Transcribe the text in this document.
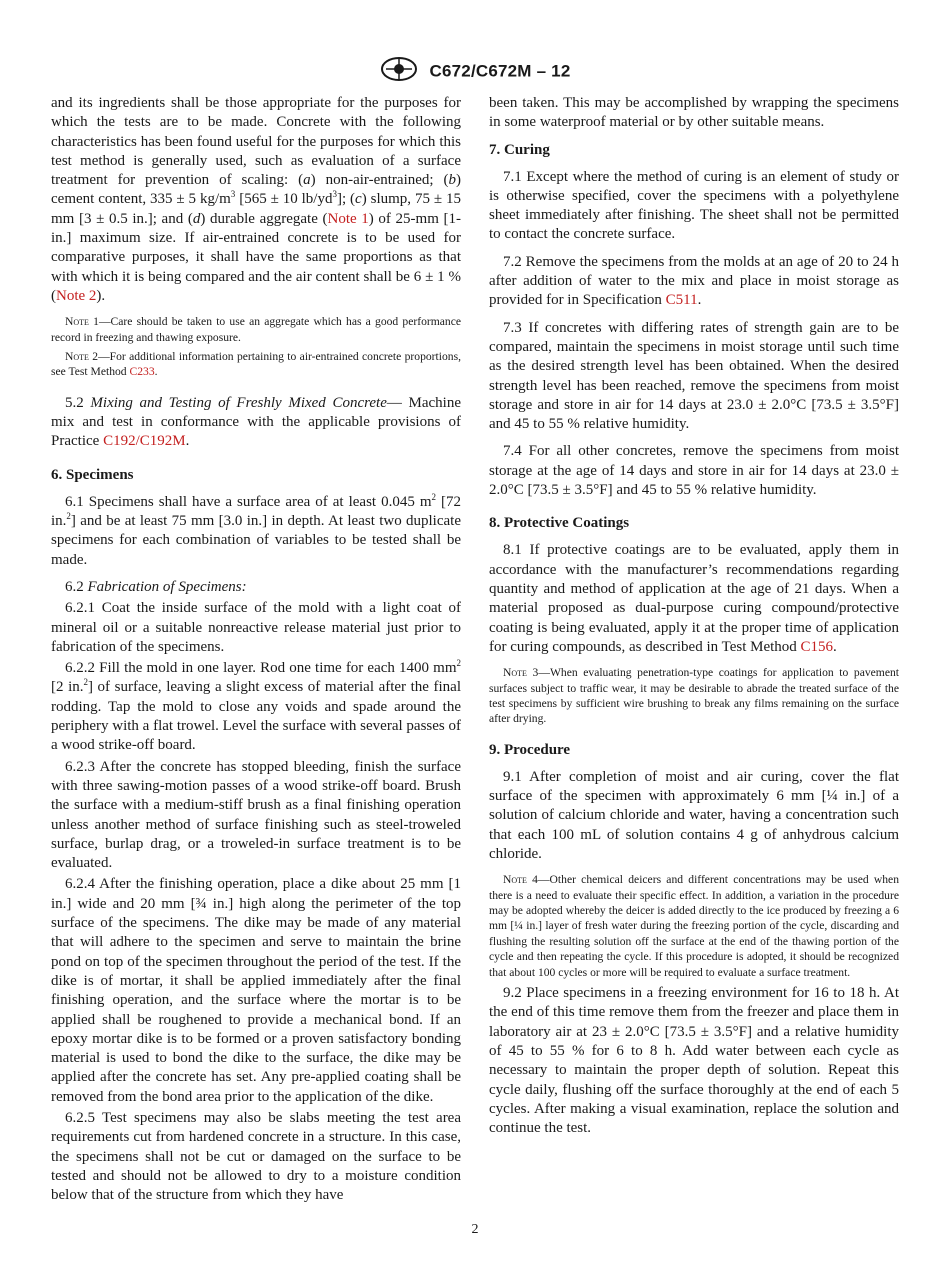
C672/C672M – 12

and its ingredients shall be those appropriate for the purposes for which the tests are to be made. Concrete with the following characteristics has been found useful for the purposes for which this test method is generally used, such as evaluation of a surface treatment for prevention of scaling: (a) non-air-entrained; (b) cement content, 335 ± 5 $kg/m^3$ [565 ± 10 $lb/yd^3$]; (c) slump, 75 ± 15 mm [3 ± 0.5 in.]; and (d) durable aggregate (Note 1) of 25-mm [1-in.] maximum size. If air-entrained concrete is to be used for comparative purposes, it shall have the same proportions as that with which it is being compared and the air content shall be 6 ± 1 % (Note 2).

Note 1—Care should be taken to use an aggregate which has a good performance record in freezing and thawing exposure.

Note 2—For additional information pertaining to air-entrained concrete proportions, see Test Method C233.

5.2 Mixing and Testing of Freshly Mixed Concrete— Machine mix and test in conformance with the applicable provisions of Practice C192/C192M.

6. Specimens

6.1 Specimens shall have a surface area of at least 0.045 $m^2$ [72 in.$^2$] and be at least 75 mm [3.0 in.] in depth. At least two duplicate specimens for each combination of variables to be tested shall be made.

6.2 Fabrication of Specimens:

6.2.1 Coat the inside surface of the mold with a light coat of mineral oil or a suitable nonreactive release material just prior to fabrication of the specimens.

6.2.2 Fill the mold in one layer. Rod one time for each 1400 $mm^2$ [2 in.$^2$] of surface, leaving a slight excess of material after the final rodding. Tap the mold to close any voids and spade around the periphery with a flat trowel. Level the surface with several passes of a wood strike-off board.

6.2.3 After the concrete has stopped bleeding, finish the surface with three sawing-motion passes of a wood strike-off board. Brush the surface with a medium-stiff brush as a final finishing operation unless another method of surface finishing such as steel-troweled surface, burlap drag, or a troweled-in surface treatment is to be evaluated.

6.2.4 After the finishing operation, place a dike about 25 mm [1 in.] wide and 20 mm [¾ in.] high along the perimeter of the top surface of the specimens. The dike may be made of any material that will adhere to the specimen and serve to maintain the brine pond on top of the specimen throughout the period of the test. If the dike is of mortar, it shall be applied immediately after the final finishing operation, and the surface where the mortar is to be applied shall be roughened to provide a mechanical bond. If an epoxy mortar dike is to be formed or a proven satisfactory bonding material is used to bond the dike to the surface, the dike may be applied after the concrete has set. Any pre-applied coating shall be removed from the bond area prior to the application of the dike.

6.2.5 Test specimens may also be slabs meeting the test area requirements cut from hardened concrete in a structure. In this case, the specimens shall not be cut or damaged on the surface to be tested and should not be allowed to dry to a moisture condition below that of the structure from which they have

been taken. This may be accomplished by wrapping the specimens in some waterproof material or by other suitable means.

7. Curing

7.1 Except where the method of curing is an element of study or is otherwise specified, cover the specimens with a polyethylene sheet immediately after finishing. The sheet shall not be permitted to contact the concrete surface.

7.2 Remove the specimens from the molds at an age of 20 to 24 h after addition of water to the mix and place in moist storage as provided for in Specification C511.

7.3 If concretes with differing rates of strength gain are to be compared, maintain the specimens in moist storage until such time as the desired strength level has been obtained. When the desired strength level has been reached, remove the specimens from moist storage and store in air for 14 days at 23.0 ± 2.0°C [73.5 ± 3.5°F] and 45 to 55 % relative humidity.

7.4 For all other concretes, remove the specimens from moist storage at the age of 14 days and store in air for 14 days at 23.0 ± 2.0°C [73.5 ± 3.5°F] and 45 to 55 % relative humidity.

8. Protective Coatings

8.1 If protective coatings are to be evaluated, apply them in accordance with the manufacturer’s recommendations regarding quantity and method of application at the age of 21 days. When a material proposed as dual-purpose curing compound/protective coating is being evaluated, apply it at the proper time of application for curing compounds, as described in Test Method C156.

Note 3—When evaluating penetration-type coatings for application to pavement surfaces subject to traffic wear, it may be desirable to abrade the treated surface of the test specimens by sufficient wire brushing to break any films remaining on the surface after drying.

9. Procedure

9.1 After completion of moist and air curing, cover the flat surface of the specimen with approximately 6 mm [¼ in.] of a solution of calcium chloride and water, having a concentration such that each 100 mL of solution contains 4 g of anhydrous calcium chloride.

Note 4—Other chemical deicers and different concentrations may be used when there is a need to evaluate their specific effect. In addition, a variation in the procedure may be adopted whereby the deicer is added directly to the ice produced by freezing a 6 mm [¼ in.] layer of fresh water during the freezing portion of the cycle, discarding and flushing the resulting solution off the surface at the end of the thawing portion of the cycle and then repeating the cycle. If this procedure is adopted, it should be recognized that about 100 cycles or more will be required to evaluate a surface treatment.

9.2 Place specimens in a freezing environment for 16 to 18 h. At the end of this time remove them from the freezer and place them in laboratory air at 23 ± 2.0°C [73.5 ± 3.5°F] and a relative humidity of 45 to 55 % for 6 to 8 h. Add water between each cycle as necessary to maintain the proper depth of solution. Repeat this cycle daily, flushing off the surface thoroughly at the end of each 5 cycles. After making a visual examination, replace the solution and continue the test.

2
